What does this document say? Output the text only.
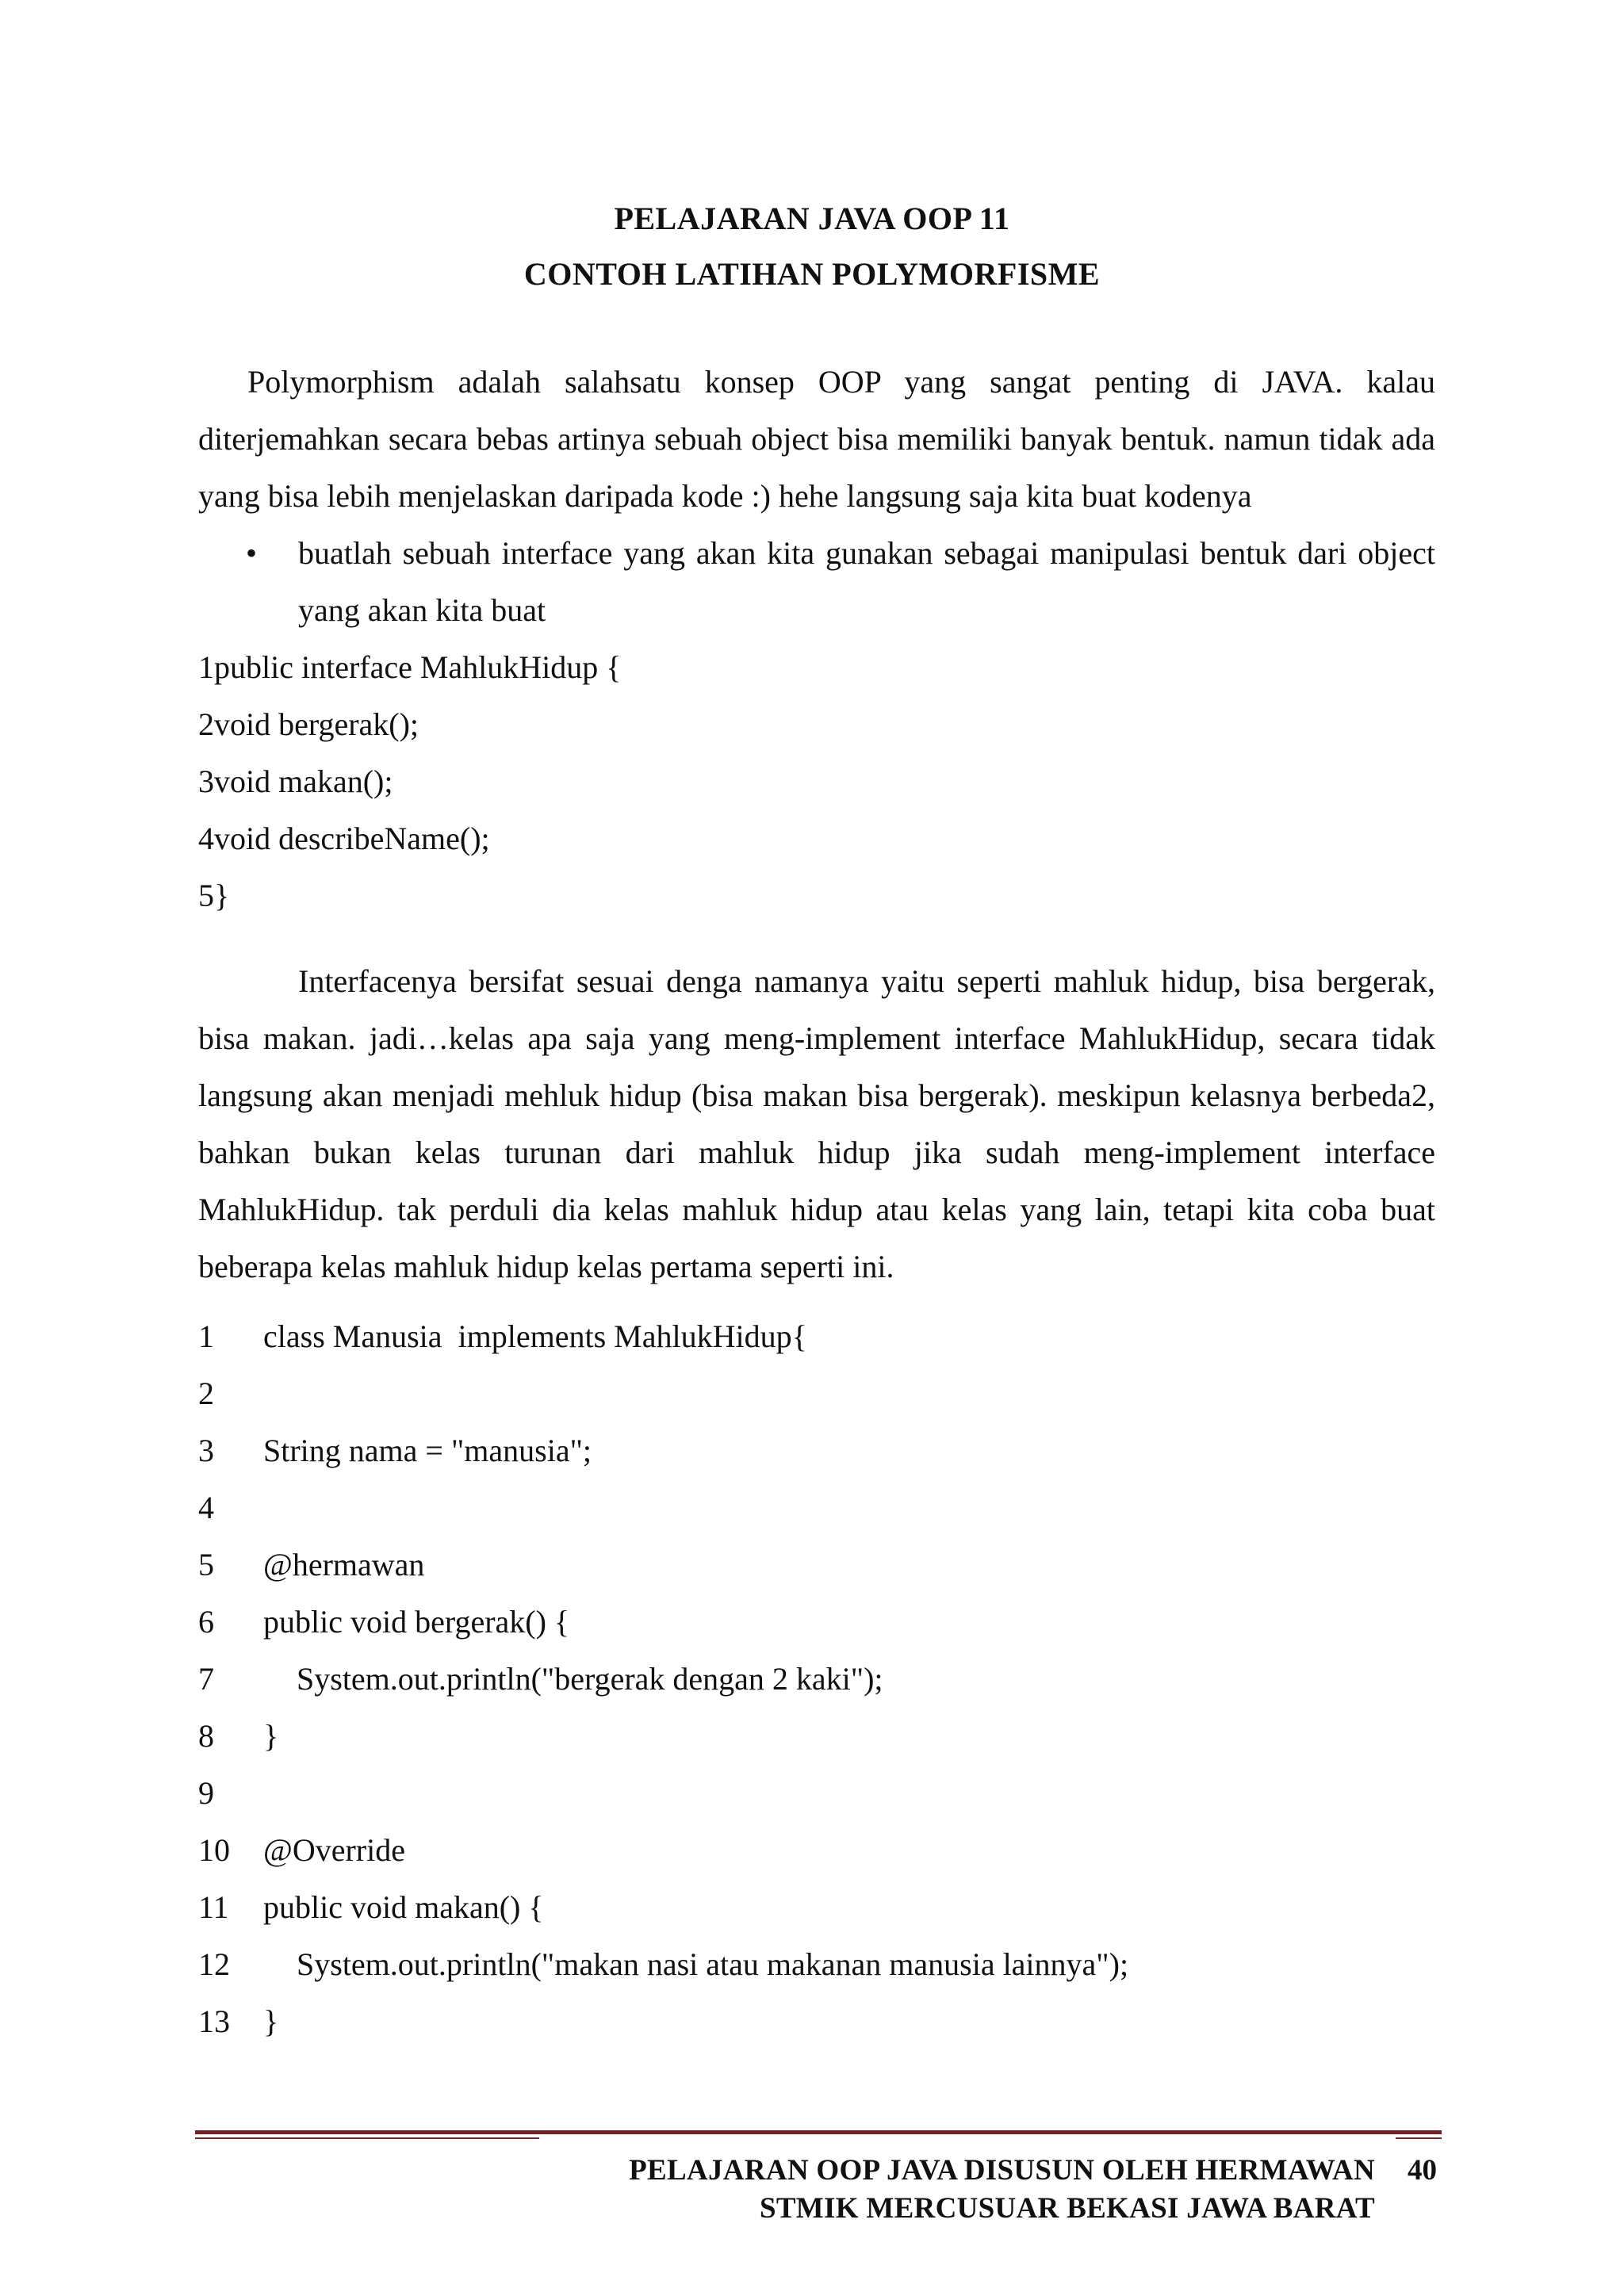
PELAJARAN JAVA OOP 11
CONTOH LATIHAN POLYMORFISME

Polymorphism adalah salahsatu konsep OOP yang sangat penting di JAVA. kalau diterjemahkan secara bebas artinya sebuah object bisa memiliki banyak bentuk. namun tidak ada yang bisa lebih menjelaskan daripada kode :) hehe langsung saja kita buat kodenya

• buatlah sebuah interface yang akan kita gunakan sebagai manipulasi bentuk dari object yang akan kita buat
1public interface MahlukHidup {
2void bergerak();
3void makan();
4void describeName();
5}

Interfacenya bersifat sesuai denga namanya yaitu seperti mahluk hidup, bisa bergerak, bisa makan. jadi…kelas apa saja yang meng-implement interface MahlukHidup, secara tidak langsung akan menjadi mehluk hidup (bisa makan bisa bergerak). meskipun kelasnya berbeda2, bahkan bukan kelas turunan dari mahluk hidup jika sudah meng-implement interface MahlukHidup. tak perduli dia kelas mahluk hidup atau kelas yang lain, tetapi kita coba buat beberapa kelas mahluk hidup kelas pertama seperti ini.

1 class Manusia  implements MahlukHidup{
2
3 String nama = "manusia";
4
5 @hermawan
6 public void bergerak() {
7	System.out.println("bergerak dengan 2 kaki");
8 }
9
10 @Override
11 public void makan() {
12 System.out.println("makan nasi atau makanan manusia lainnya");
13 }
PELAJARAN OOP JAVA DISUSUN OLEH HERMAWAN
STMIK MERCUSUAR BEKASI JAWA BARAT
40
